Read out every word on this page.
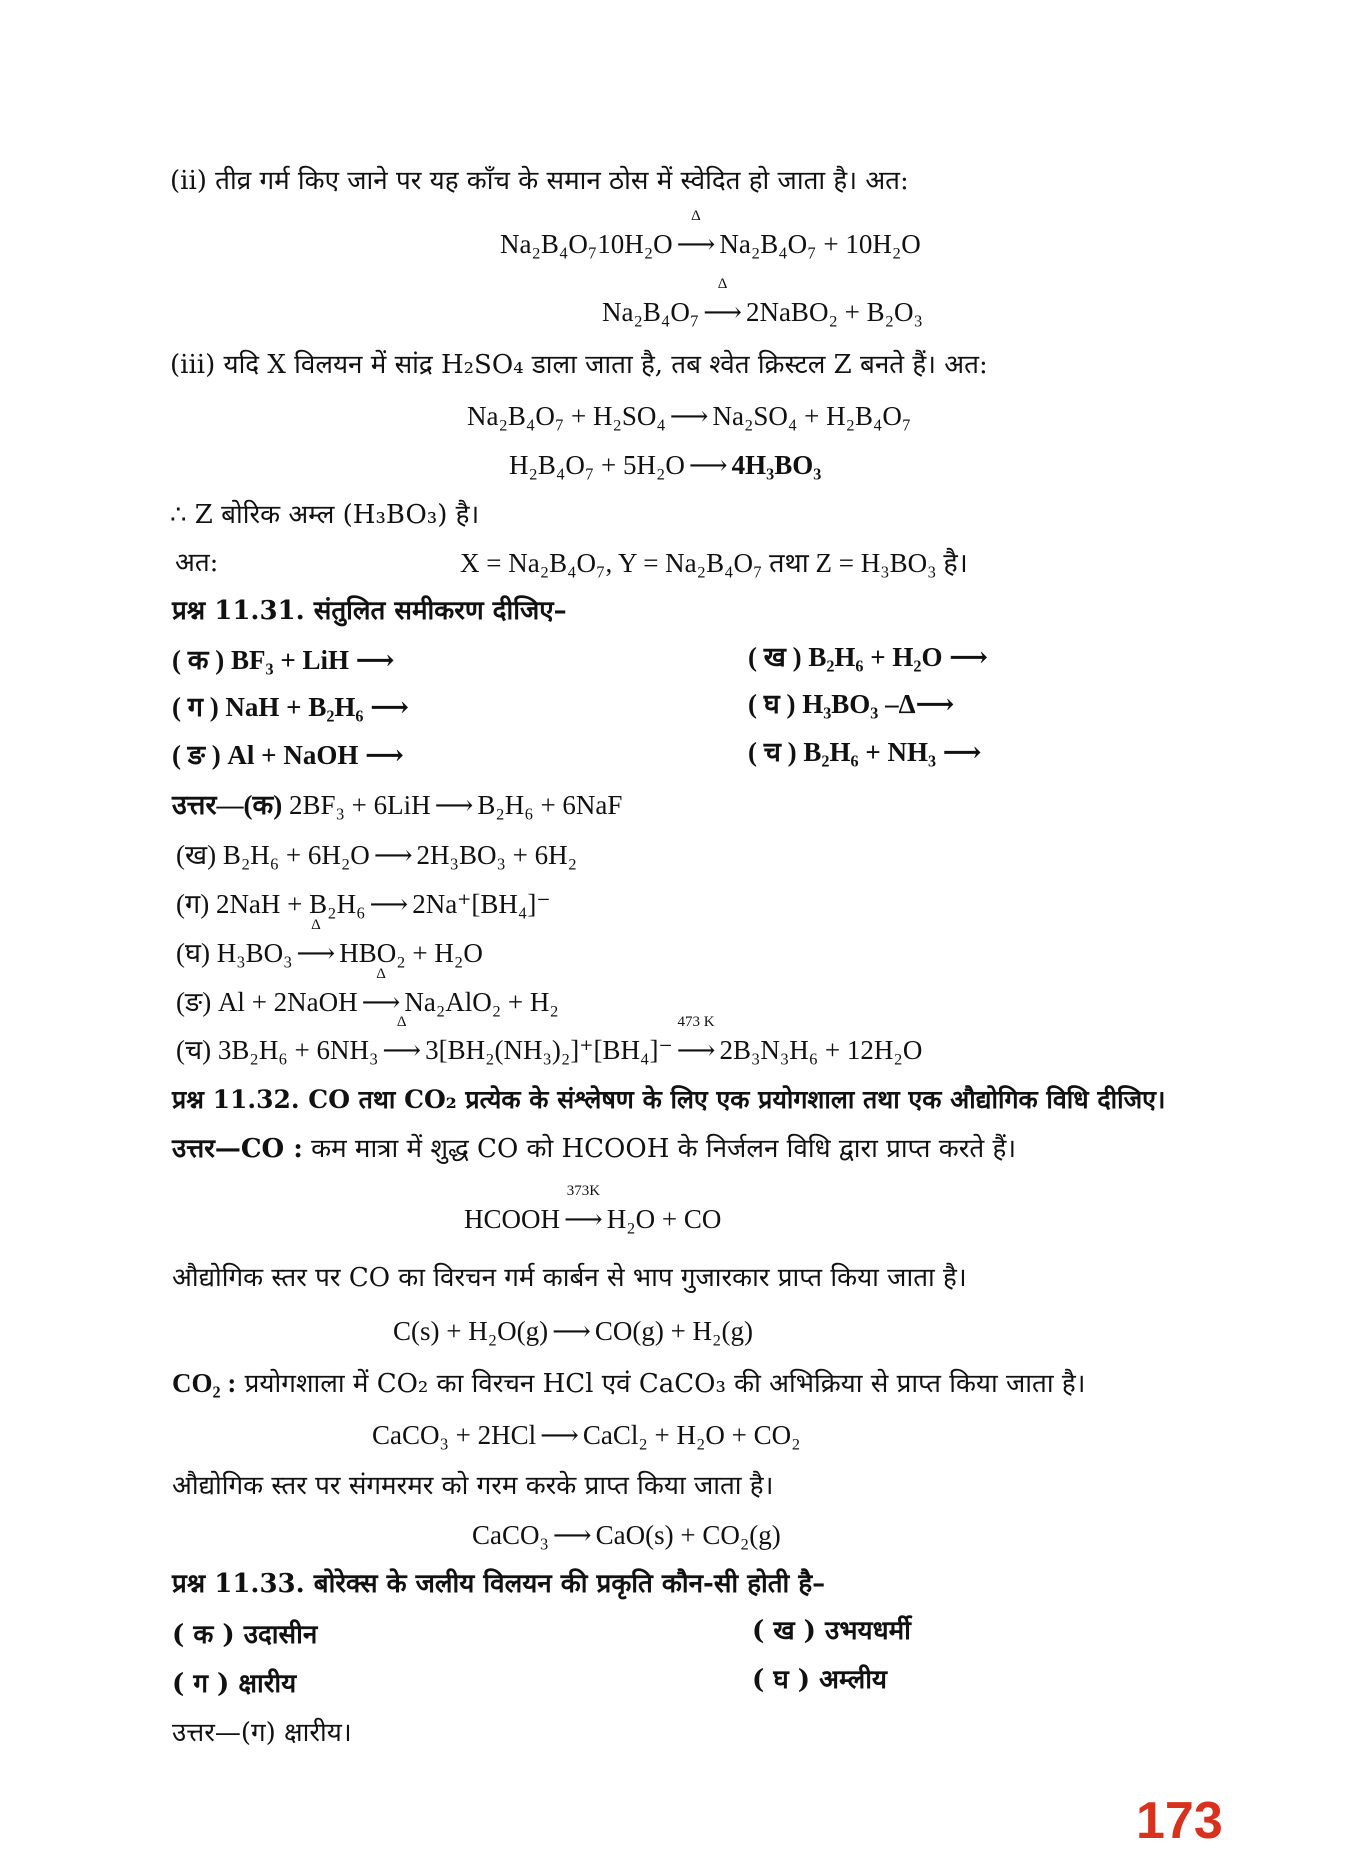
(ii) तीव्र गर्म किए जाने पर यह काँच के समान ठोस में स्वेदित हो जाता है। अत:
Na₂B₄O₇10H₂O
Δ
⟶ Na₂B₄O₇ + 10H₂O
Na₂B₄O₇
Δ
⟶ 2NaBO₂ + B₂O₃
(iii) यदि X विलयन में सांद्र H₂SO₄ डाला जाता है, तब श्वेत क्रिस्टल Z बनते हैं। अत:
Na₂B₄O₇ + H₂SO₄ ⟶ Na₂SO₄ + H₂B₄O₇
H₂B₄O₇ + 5H₂O ⟶ 4H₃BO₃
∴ Z बोरिक अम्ल (H₃BO₃) है।
अत:	X = Na₂B₄O₇, Y = Na₂B₄O₇ तथा Z = H₃BO₃ है।
प्रश्न 11.31. संतुलित समीकरण दीजिए–
( क ) BF₃ + LiH ⟶	( ख ) B₂H₆ + H₂O ⟶
( ग ) NaH + B₂H₆ ⟶	( घ ) H₃BO₃ –Δ⟶
( ङ ) Al + NaOH ⟶	( च ) B₂H₆ + NH₃ ⟶
उत्तर—(क) 2BF₃ + 6LiH ⟶ B₂H₆ + 6NaF
(ख) B₂H₆ + 6H₂O ⟶ 2H₃BO₃ + 6H₂
(ग) 2NaH + B₂H₆ ⟶ 2Na⁺[BH₄]⁻
(घ) H₃BO₃
Δ
⟶ HBO₂ + H₂O
(ङ) Al + 2NaOH
Δ
⟶ Na₂AlO₂ + H₂
(च) 3B₂H₆ + 6NH₃
Δ
⟶ 3[BH₂(NH₃)₂]⁺[BH₄]⁻
473 K
⟶ 2B₃N₃H₆ + 12H₂O
प्रश्न 11.32. CO तथा CO₂ प्रत्येक के संश्लेषण के लिए एक प्रयोगशाला तथा एक औद्योगिक विधि दीजिए।
उत्तर—CO : कम मात्रा में शुद्ध CO को HCOOH के निर्जलन विधि द्वारा प्राप्त करते हैं।
HCOOH
373K
⟶ H₂O + CO
औद्योगिक स्तर पर CO का विरचन गर्म कार्बन से भाप गुजारकार प्राप्त किया जाता है।
C(s) + H₂O(g) ⟶ CO(g) + H₂(g)
CO₂ : प्रयोगशाला में CO₂ का विरचन HCl एवं CaCO₃ की अभिक्रिया से प्राप्त किया जाता है।
CaCO₃ + 2HCl ⟶ CaCl₂ + H₂O + CO₂
औद्योगिक स्तर पर संगमरमर को गरम करके प्राप्त किया जाता है।
CaCO₃ ⟶ CaO(s) + CO₂(g)
प्रश्न 11.33. बोरेक्स के जलीय विलयन की प्रकृति कौन-सी होती है–
( क ) उदासीन	( ख ) उभयधर्मी
( ग ) क्षारीय	( घ ) अम्लीय
उत्तर—(ग) क्षारीय।
173
